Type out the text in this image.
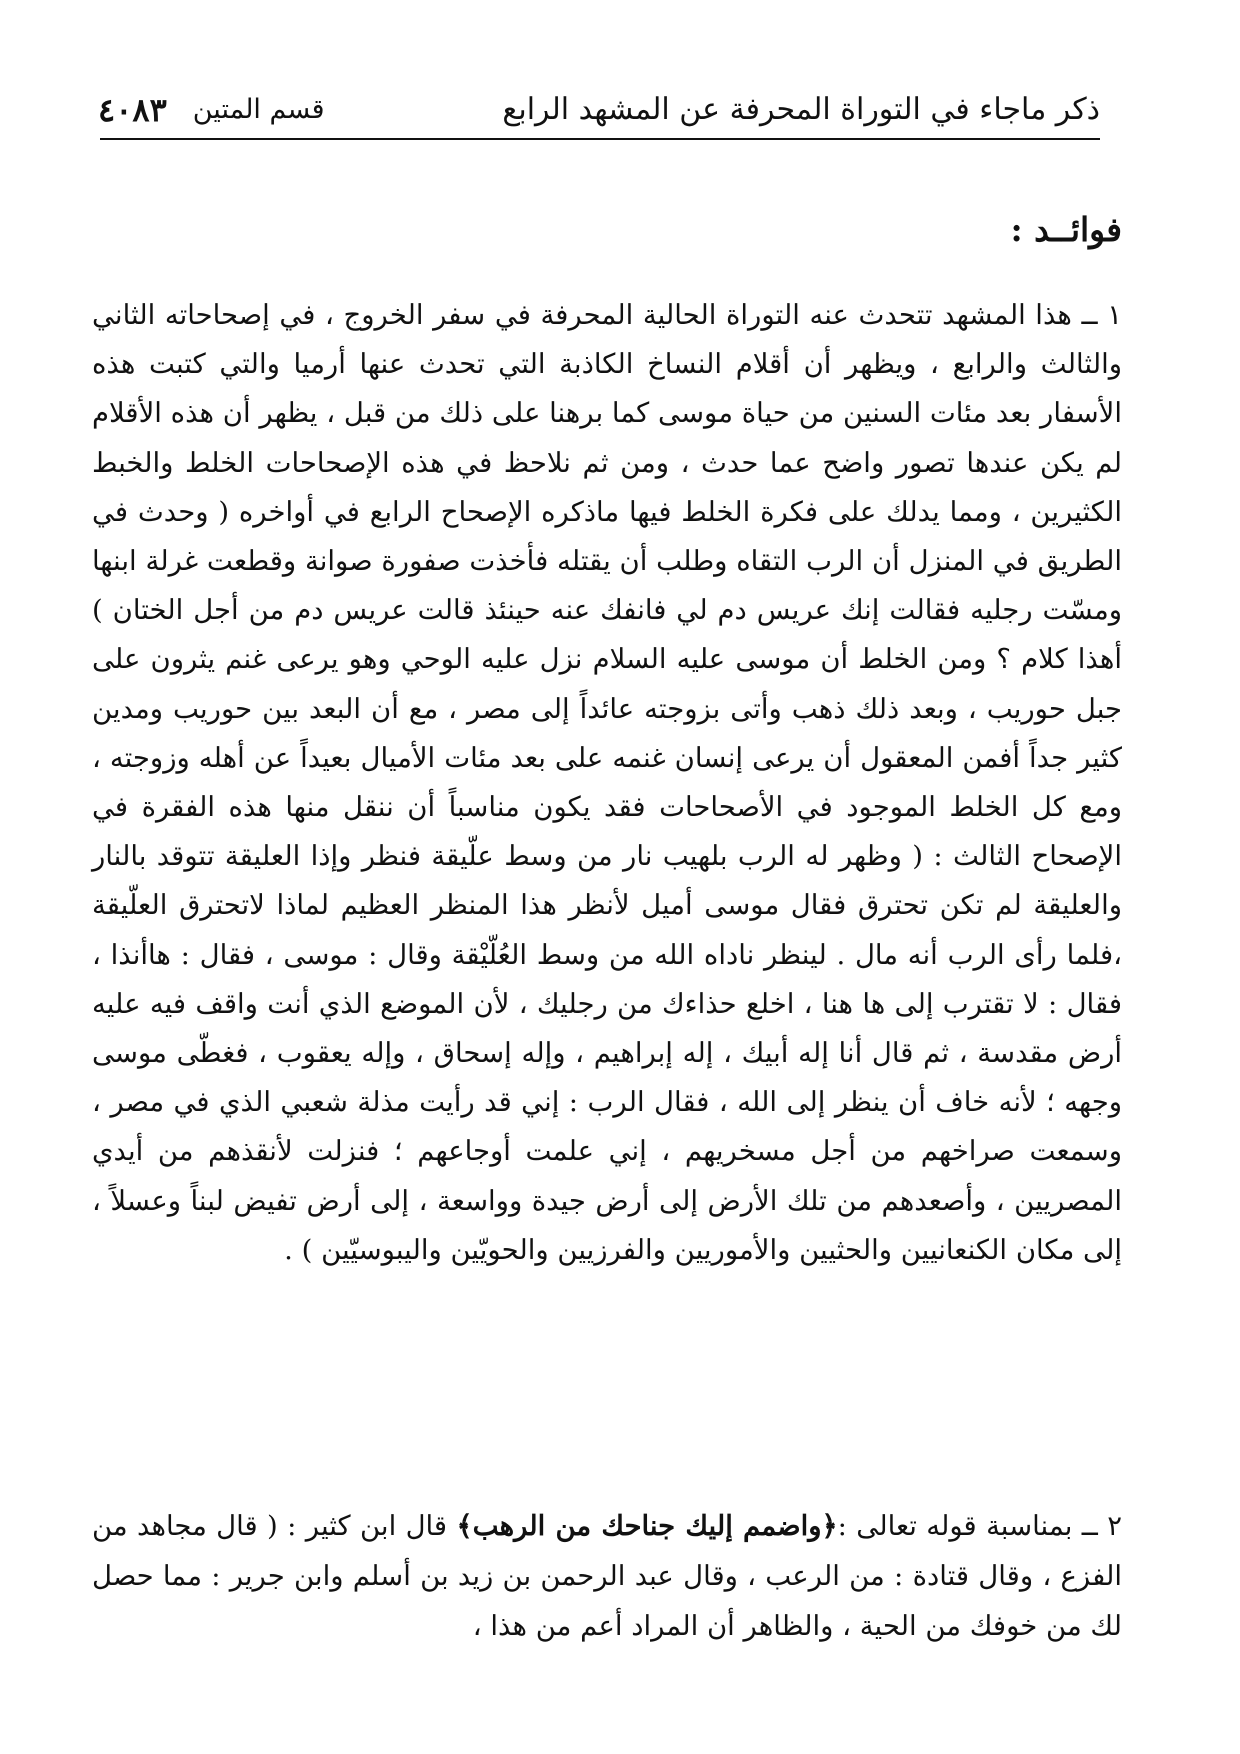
ذكر ماجاء في التوراة المحرفة عن المشهد الرابع
قسم المتين
٤٠٨٣
فوائــد :

١ ــ هذا المشهد تتحدث عنه التوراة الحالية المحرفة في سفر الخروج ، في إصحاحاته الثاني والثالث والرابع ، ويظهر أن أقلام النساخ الكاذبة التي تحدث عنها أرميا والتي كتبت هذه الأسفار بعد مئات السنين من حياة موسى كما برهنا على ذلك من قبل ، يظهر أن هذه الأقلام لم يكن عندها تصور واضح عما حدث ، ومن ثم نلاحظ في هذه الإصحاحات الخلط والخبط الكثيرين ، ومما يدلك على فكرة الخلط فيها ماذكره الإصحاح الرابع في أواخره ( وحدث في الطريق في المنزل أن الرب التقاه وطلب أن يقتله فأخذت صفورة صوانة وقطعت غرلة ابنها ومسّت رجليه فقالت إنك عريس دم لي فانفك عنه حينئذ قالت عريس دم من أجل الختان ) أهذا كلام ؟ ومن الخلط أن موسى عليه السلام نزل عليه الوحي وهو يرعى غنم يثرون على جبل حوريب ، وبعد ذلك ذهب وأتى بزوجته عائداً إلى مصر ، مع أن البعد بين حوريب ومدين كثير جداً أفمن المعقول أن يرعى إنسان غنمه على بعد مئات الأميال بعيداً عن أهله وزوجته ، ومع كل الخلط الموجود في الأصحاحات فقد يكون مناسباً أن ننقل منها هذه الفقرة في الإصحاح الثالث : ( وظهر له الرب بلهيب نار من وسط علّيقة فنظر وإذا العليقة تتوقد بالنار والعليقة لم تكن تحترق فقال موسى أميل لأنظر هذا المنظر العظيم لماذا لاتحترق العلّيقة ،فلما رأى الرب أنه مال . لينظر ناداه الله من وسط العُلّيْقة وقال : موسى ، فقال : هاأنذا ، فقال : لا تقترب إلى ها هنا ، اخلع حذاءك من رجليك ، لأن الموضع الذي أنت واقف فيه عليه أرض مقدسة ، ثم قال أنا إله أبيك ، إله إبراهيم ، وإله إسحاق ، وإله يعقوب ، فغطّى موسى وجهه ؛ لأنه خاف أن ينظر إلى الله ، فقال الرب : إني قد رأيت مذلة شعبي الذي في مصر ، وسمعت صراخهم من أجل مسخريهم ، إني علمت أوجاعهم ؛ فنزلت لأنقذهم من أيدي المصريين ، وأصعدهم من تلك الأرض إلى أرض جيدة وواسعة ، إلى أرض تفيض لبناً وعسلاً ، إلى مكان الكنعانيين والحثيين والأموريين والفرزيين والحويّين واليبوسيّين ) .

٢ ــ بمناسبة قوله تعالى :﴿واضمم إليك جناحك من الرهب﴾ قال ابن كثير : ( قال مجاهد من الفزع ، وقال قتادة : من الرعب ، وقال عبد الرحمن بن زيد بن أسلم وابن جرير : مما حصل لك من خوفك من الحية ، والظاهر أن المراد أعم من هذا ،
